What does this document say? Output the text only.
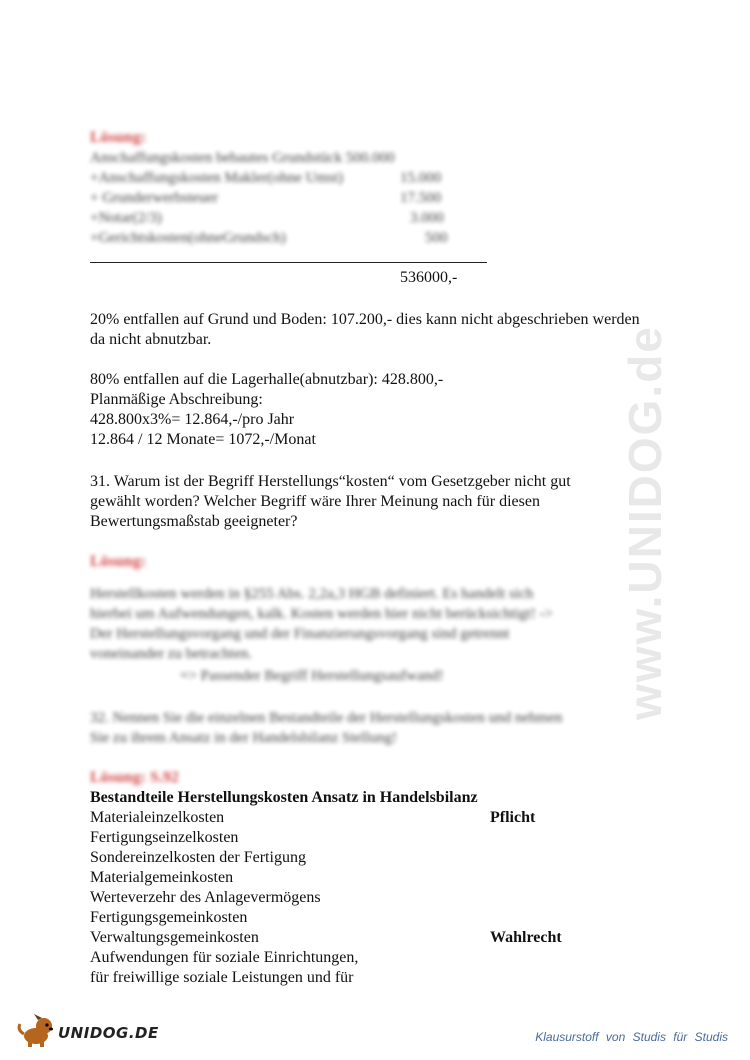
www.UNIDOG.de
Lösung:
Anschaffungskosten bebautes Grundstück 500.000
+Anschaffungskosten Makler(ohne Umst)	15.000
+ Grunderwerbsteuer	17.500
+Notar(2/3)	3.000
+Gerichtskosten(ohneGrundsch)	500
536000,-
20% entfallen auf Grund und Boden: 107.200,- dies kann nicht abgeschrieben werden
da nicht abnutzbar.
80% entfallen auf die Lagerhalle(abnutzbar): 428.800,-
Planmäßige Abschreibung:
428.800x3%= 12.864,-/pro Jahr
12.864 / 12 Monate= 1072,-/Monat
31. Warum ist der Begriff Herstellungs“kosten“ vom Gesetzgeber nicht gut
gewählt worden? Welcher Begriff wäre Ihrer Meinung nach für diesen
Bewertungsmaßstab geeigneter?
Lösung:
Herstellkosten werden in §255 Abs. 2,2a,3 HGB definiert. Es handelt sich
hierbei um Aufwendungen, kalk. Kosten werden hier nicht berücksichtigt! ->
Der Herstellungsvorgang und der Finanzierungsvorgang sind getrennt
voneinander zu betrachten.
=> Passender Begriff Herstellungsaufwand!
32. Nennen Sie die einzelnen Bestandteile der Herstellungskosten und nehmen
Sie zu ihrem Ansatz in der Handelsbilanz Stellung!
Lösung: S.92
Bestandteile Herstellungskosten Ansatz in Handelsbilanz
Materialeinzelkosten	Pflicht
Fertigungseinzelkosten
Sondereinzelkosten der Fertigung
Materialgemeinkosten
Werteverzehr des Anlagevermögens
Fertigungsgemeinkosten
Verwaltungsgemeinkosten	Wahlrecht
Aufwendungen für soziale Einrichtungen,
für freiwillige soziale Leistungen und für
UNIDOG.DE	Klausurstoff von Studis für Studis
